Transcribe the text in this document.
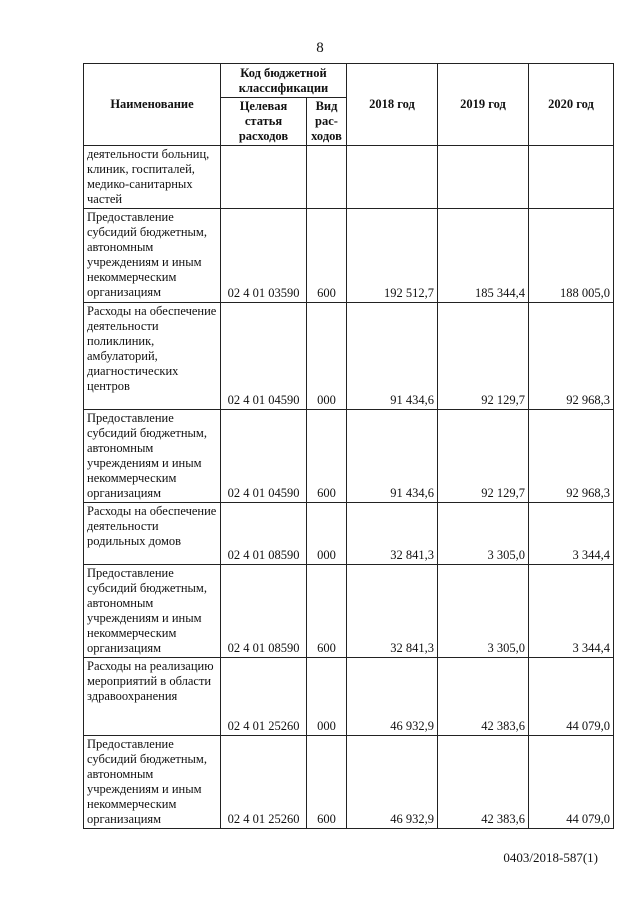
8
Наименование	Код бюджетной классификации		2018 год	2019 год	2020 год
	Целевая статья расходов	Вид рас-ходов			
деятельности больниц, клиник, госпиталей, медико-санитарных частей					
Предоставление субсидий бюджетным, автономным учреждениям и иным некоммерческим организациям	02 4 01 03590	600	192 512,7	185 344,4	188 005,0
Расходы на обеспечение деятельности поликлиник, амбулаторий, диагностических центров	02 4 01 04590	000	91 434,6	92 129,7	92 968,3
Предоставление субсидий бюджетным, автономным учреждениям и иным некоммерческим организациям	02 4 01 04590	600	91 434,6	92 129,7	92 968,3
Расходы на обеспечение деятельности родильных домов	02 4 01 08590	000	32 841,3	3 305,0	3 344,4
Предоставление субсидий бюджетным, автономным учреждениям и иным некоммерческим организациям	02 4 01 08590	600	32 841,3	3 305,0	3 344,4
Расходы на реализацию мероприятий в области здравоохранения	02 4 01 25260	000	46 932,9	42 383,6	44 079,0
Предоставление субсидий бюджетным, автономным учреждениям и иным некоммерческим организациям	02 4 01 25260	600	46 932,9	42 383,6	44 079,0
0403/2018-587(1)
